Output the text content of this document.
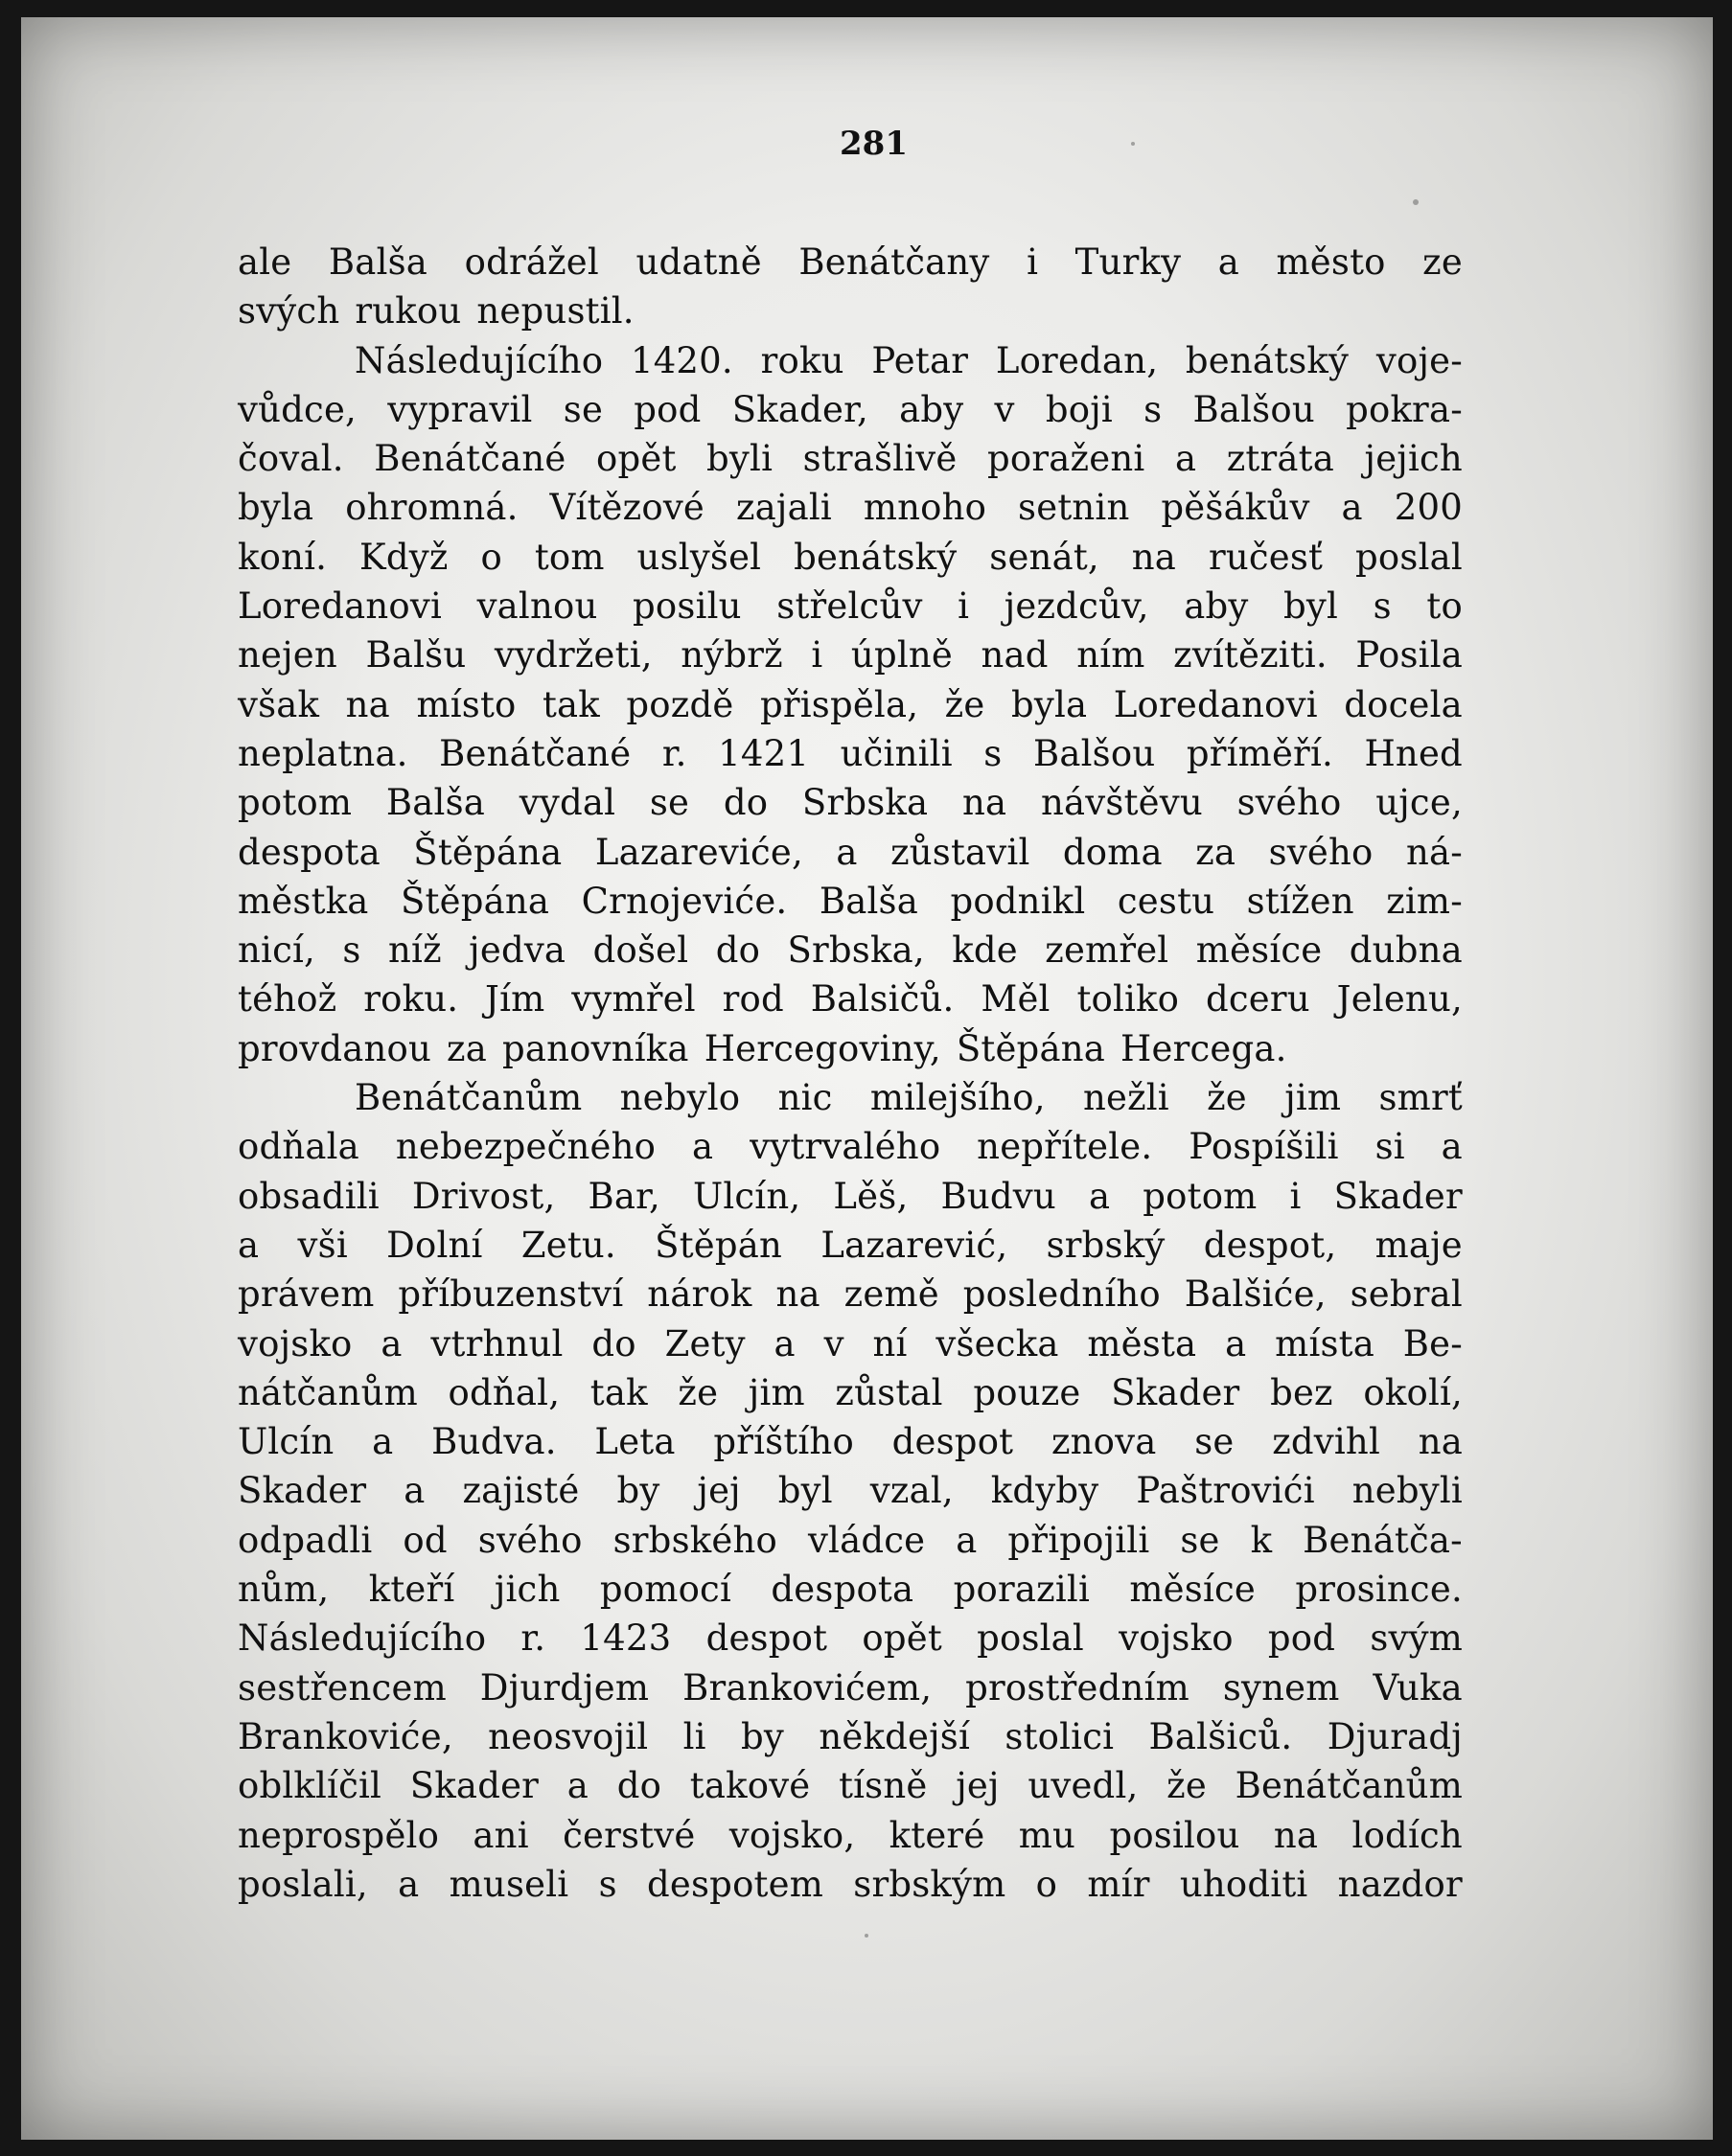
281
ale Balša odrážel udatně Benátčany i Turky a město ze
svých rukou nepustil.
Následujícího 1420. roku Petar Loredan, benátský voje-
vůdce, vypravil se pod Skader, aby v boji s Balšou pokra-
čoval. Benátčané opět byli strašlivě poraženi a ztráta jejich
byla ohromná. Vítězové zajali mnoho setnin pěšákův a 200
koní. Když o tom uslyšel benátský senát, na ručesť poslal
Loredanovi valnou posilu střelcův i jezdcův, aby byl s to
nejen Balšu vydržeti, nýbrž i úplně nad ním zvítěziti. Posila
však na místo tak pozdě přispěla, že byla Loredanovi docela
neplatna. Benátčané r. 1421 učinili s Balšou příměří. Hned
potom Balša vydal se do Srbska na návštěvu svého ujce,
despota Štěpána Lazareviće, a zůstavil doma za svého ná-
městka Štěpána Crnojeviće. Balša podnikl cestu stížen zim-
nicí, s níž jedva došel do Srbska, kde zemřel měsíce dubna
téhož roku. Jím vymřel rod Balsičů. Měl toliko dceru Jelenu,
provdanou za panovníka Hercegoviny, Štěpána Hercega.
Benátčanům nebylo nic milejšího, nežli že jim smrť
odňala nebezpečného a vytrvalého nepřítele. Pospíšili si a
obsadili Drivost, Bar, Ulcín, Lěš, Budvu a potom i Skader
a vši Dolní Zetu. Štěpán Lazarević, srbský despot, maje
právem příbuzenství nárok na země posledního Balšiće, sebral
vojsko a vtrhnul do Zety a v ní všecka města a místa Be-
nátčanům odňal, tak že jim zůstal pouze Skader bez okolí,
Ulcín a Budva. Leta příštího despot znova se zdvihl na
Skader a zajisté by jej byl vzal, kdyby Paštrovići nebyli
odpadli od svého srbského vládce a připojili se k Benátča-
nům, kteří jich pomocí despota porazili měsíce prosince.
Následujícího r. 1423 despot opět poslal vojsko pod svým
sestřencem Djurdjem Brankovićem, prostředním synem Vuka
Brankoviće, neosvojil li by někdejší stolici Balšiců. Djuradj
oblklíčil Skader a do takové tísně jej uvedl, že Benátčanům
neprospělo ani čerstvé vojsko, které mu posilou na lodích
poslali, a museli s despotem srbským o mír uhoditi nazdor
